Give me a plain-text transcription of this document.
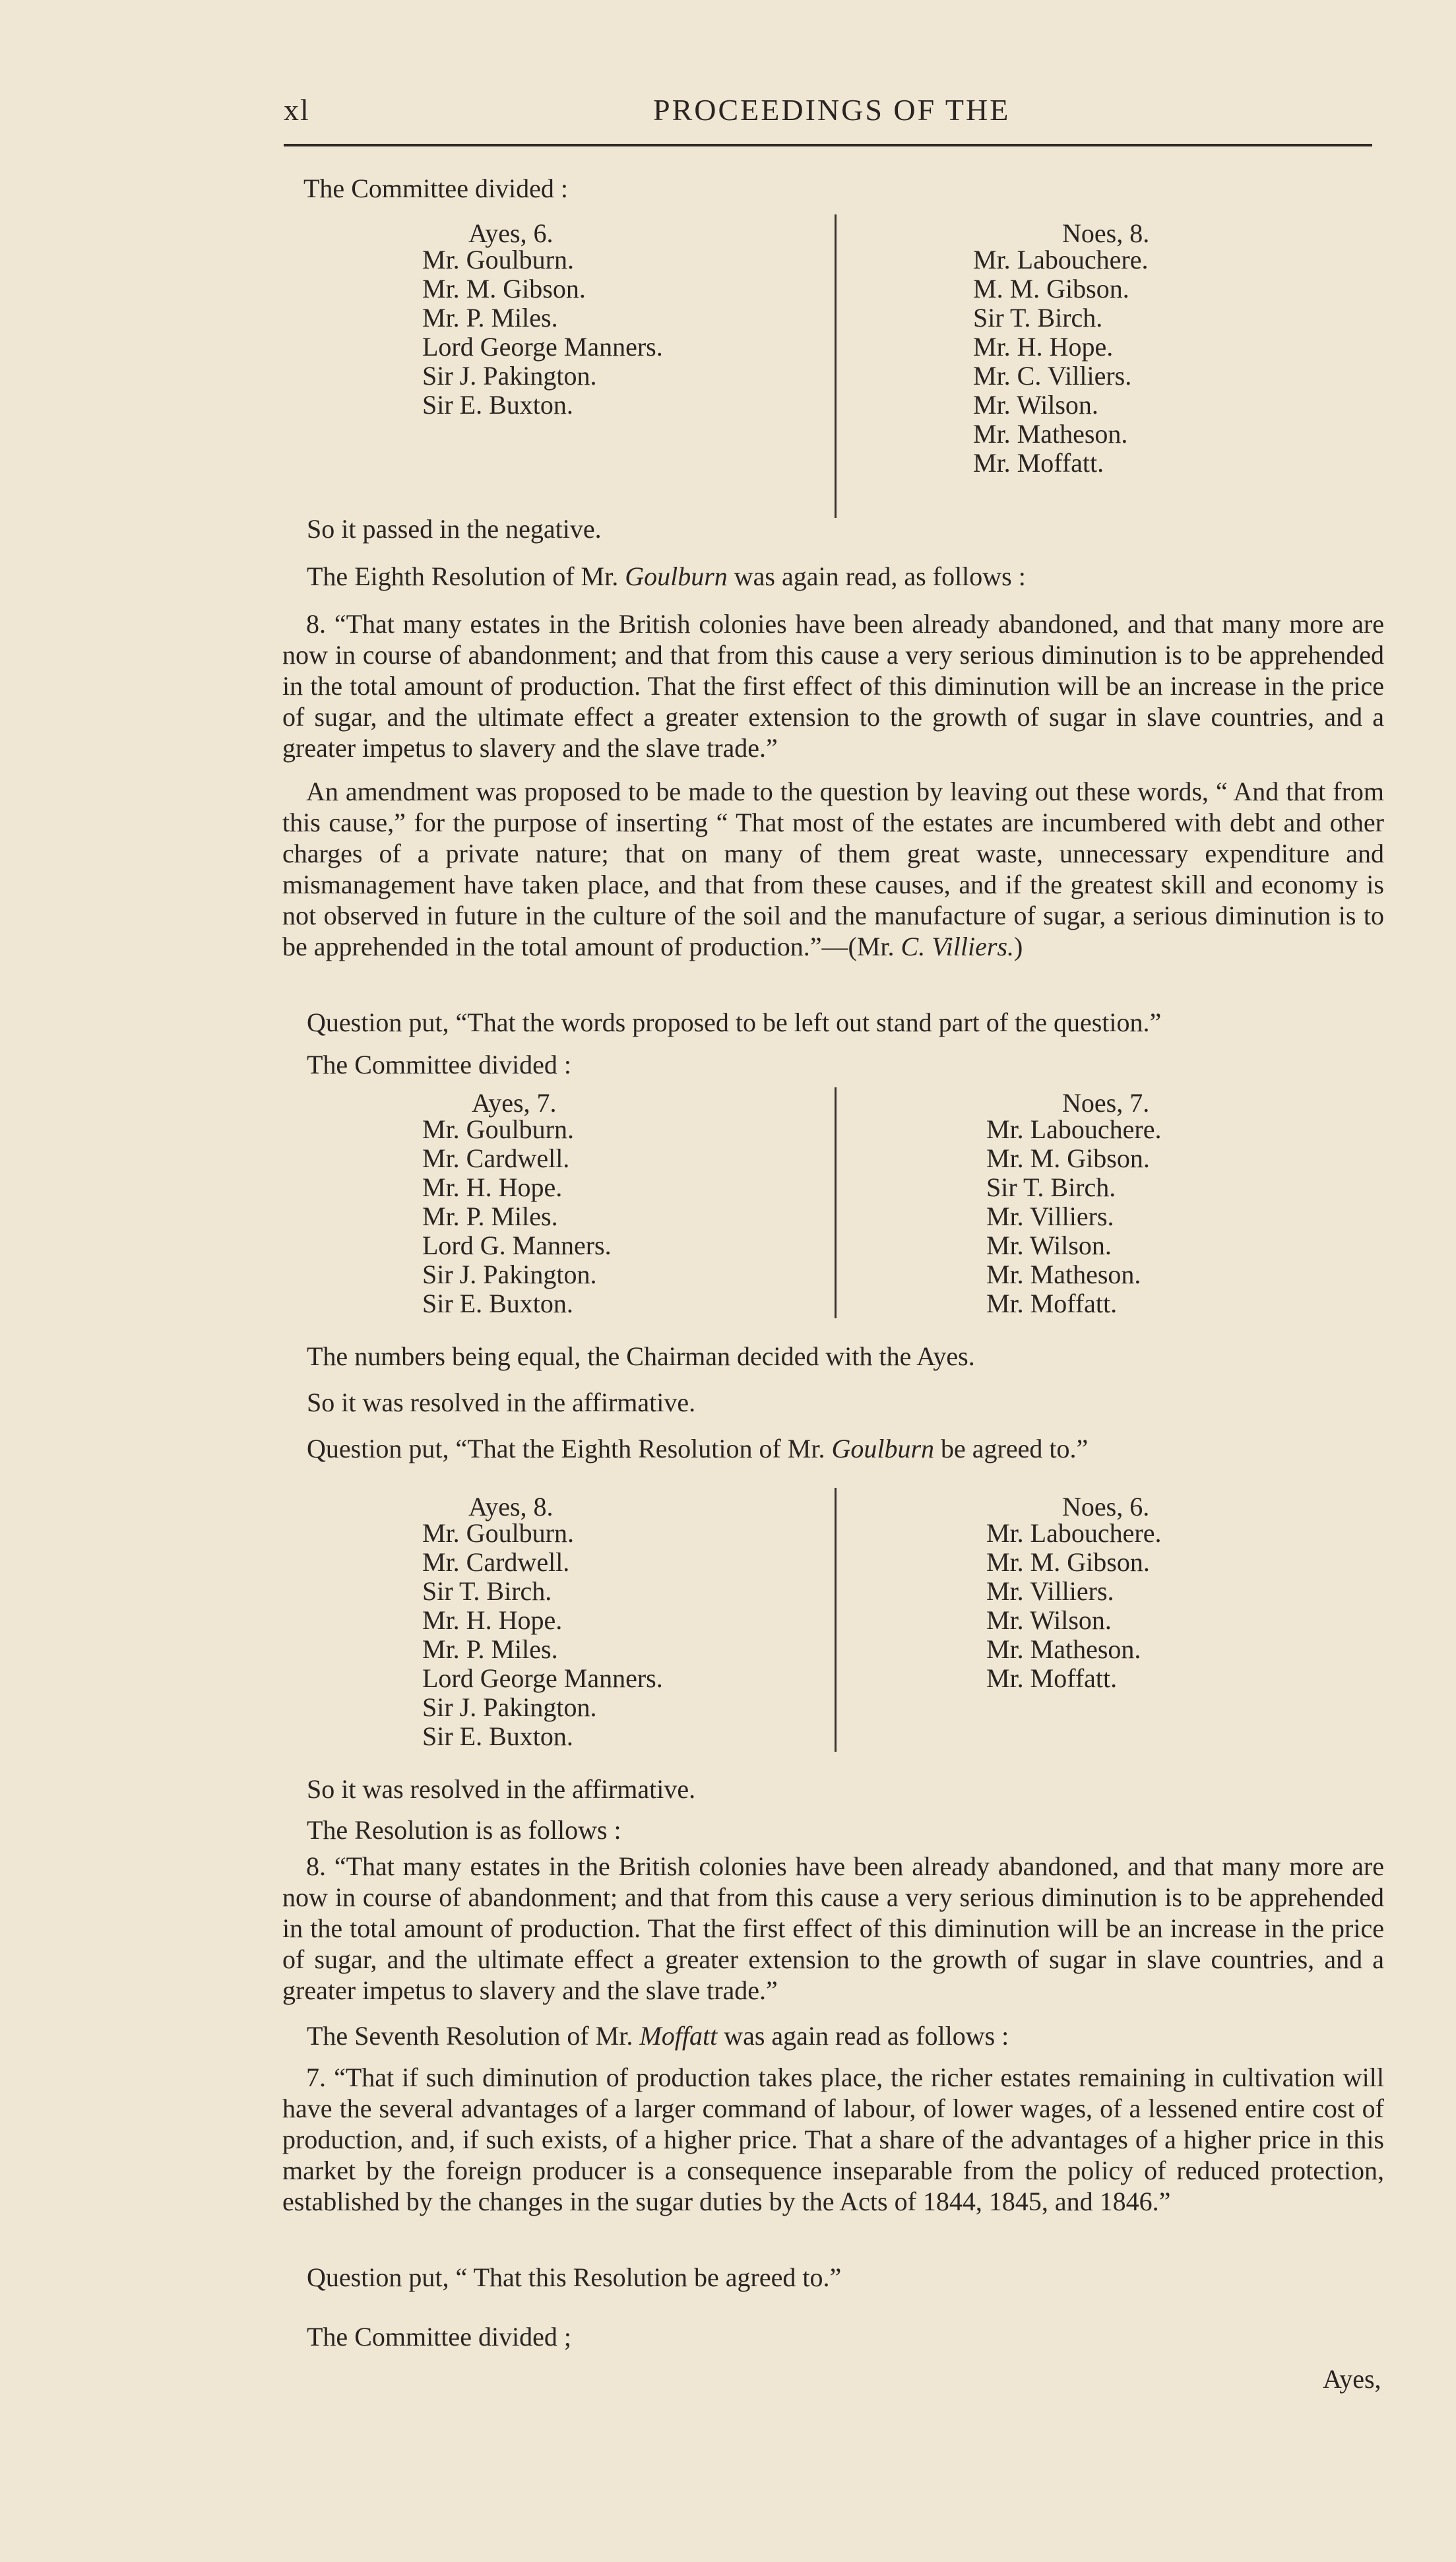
xl	PROCEEDINGS OF THE
The Committee divided :
Ayes, 6.
Mr. Goulburn.
Mr. M. Gibson.
Mr. P. Miles.
Lord George Manners.
Sir J. Pakington.
Sir E. Buxton.
Noes, 8.
Mr. Labouchere.
M. M. Gibson.
Sir T. Birch.
Mr. H. Hope.
Mr. C. Villiers.
Mr. Wilson.
Mr. Matheson.
Mr. Moffatt.
So it passed in the negative.
The Eighth Resolution of Mr. Goulburn was again read, as follows :
8. “That many estates in the British colonies have been already abandoned, and that many more are now in course of abandonment; and that from this cause a very serious diminution is to be apprehended in the total amount of production. That the first effect of this diminution will be an increase in the price of sugar, and the ultimate effect a greater extension to the growth of sugar in slave countries, and a greater impetus to slavery and the slave trade.”
An amendment was proposed to be made to the question by leaving out these words, “ And that from this cause,” for the purpose of inserting “ That most of the estates are incumbered with debt and other charges of a private nature; that on many of them great waste, unnecessary expenditure and mismanagement have taken place, and that from these causes, and if the greatest skill and economy is not observed in future in the culture of the soil and the manufacture of sugar, a serious diminution is to be apprehended in the total amount of production.”—(Mr. C. Villiers.)
Question put, “That the words proposed to be left out stand part of the question.”
The Committee divided :
Ayes, 7.
Mr. Goulburn.
Mr. Cardwell.
Mr. H. Hope.
Mr. P. Miles.
Lord G. Manners.
Sir J. Pakington.
Sir E. Buxton.
Noes, 7.
Mr. Labouchere.
Mr. M. Gibson.
Sir T. Birch.
Mr. Villiers.
Mr. Wilson.
Mr. Matheson.
Mr. Moffatt.
The numbers being equal, the Chairman decided with the Ayes.
So it was resolved in the affirmative.
Question put, “That the Eighth Resolution of Mr. Goulburn be agreed to.”
Ayes, 8.
Mr. Goulburn.
Mr. Cardwell.
Sir T. Birch.
Mr. H. Hope.
Mr. P. Miles.
Lord George Manners.
Sir J. Pakington.
Sir E. Buxton.
Noes, 6.
Mr. Labouchere.
Mr. M. Gibson.
Mr. Villiers.
Mr. Wilson.
Mr. Matheson.
Mr. Moffatt.
So it was resolved in the affirmative.
The Resolution is as follows :
8. “That many estates in the British colonies have been already abandoned, and that many more are now in course of abandonment; and that from this cause a very serious diminution is to be apprehended in the total amount of production. That the first effect of this diminution will be an increase in the price of sugar, and the ultimate effect a greater extension to the growth of sugar in slave countries, and a greater impetus to slavery and the slave trade.”
The Seventh Resolution of Mr. Moffatt was again read as follows :
7. “That if such diminution of production takes place, the richer estates remaining in cultivation will have the several advantages of a larger command of labour, of lower wages, of a lessened entire cost of production, and, if such exists, of a higher price. That a share of the advantages of a higher price in this market by the foreign producer is a consequence inseparable from the policy of reduced protection, established by the changes in the sugar duties by the Acts of 1844, 1845, and 1846.”
Question put, “ That this Resolution be agreed to.”
The Committee divided ;
Ayes,
